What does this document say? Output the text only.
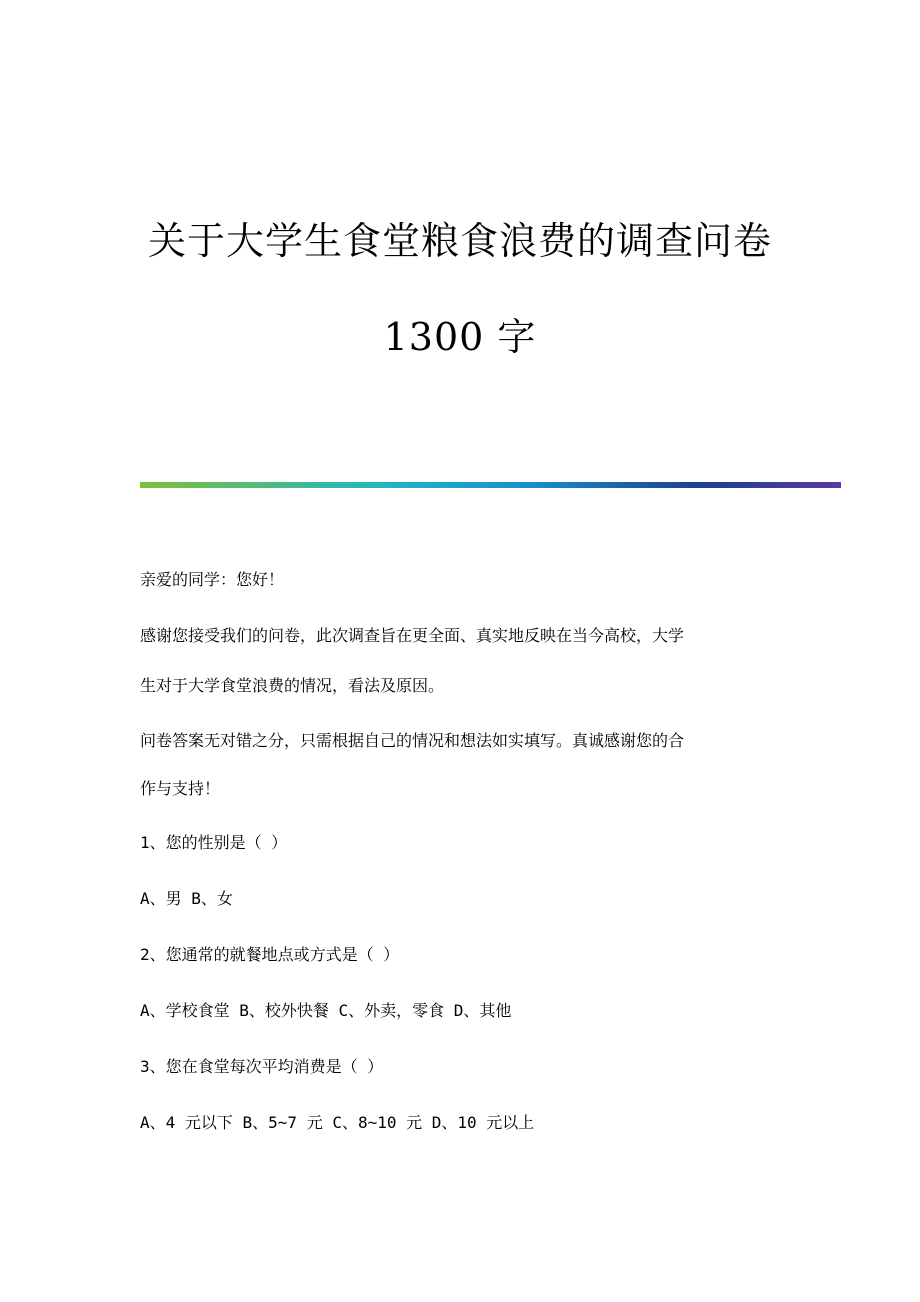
关于大学生食堂粮食浪费的调查问卷
1300 字

亲爱的同学：您好！

感谢您接受我们的问卷，此次调查旨在更全面、真实地反映在当今高校，大学

生对于大学食堂浪费的情况，看法及原因。

问卷答案无对错之分，只需根据自己的情况和想法如实填写。真诚感谢您的合

作与支持！

1、您的性别是（ ）

A、男 B、女

2、您通常的就餐地点或方式是（ ）

A、学校食堂 B、校外快餐 C、外卖，零食 D、其他

3、您在食堂每次平均消费是（ ）

A、4 元以下 B、5~7 元 C、8~10 元 D、10 元以上
